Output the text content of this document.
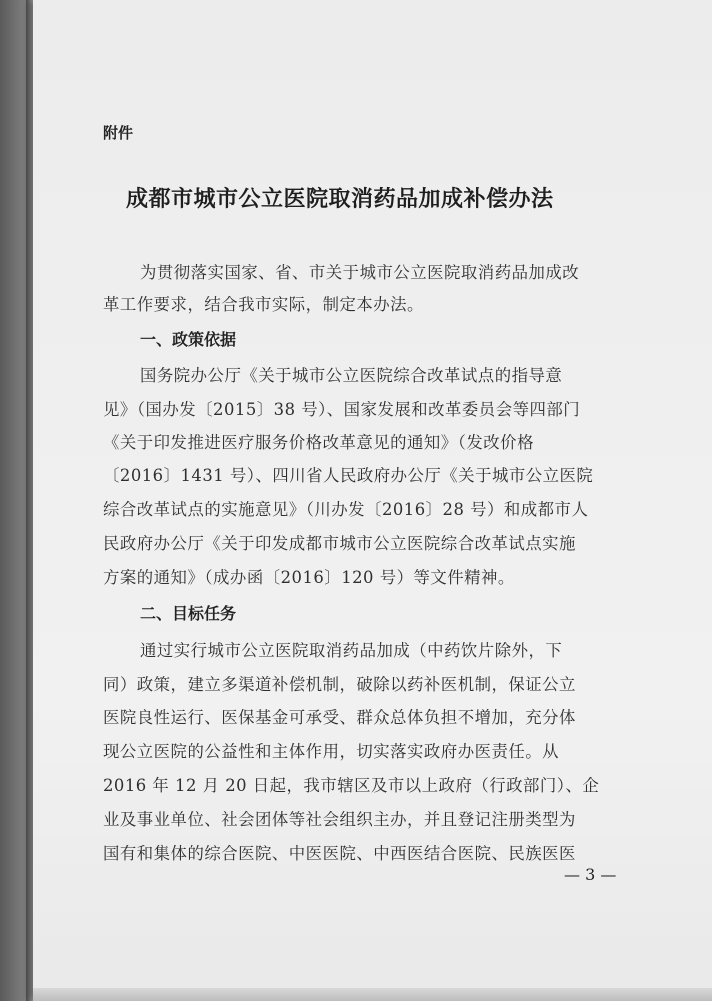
附件
成都市城市公立医院取消药品加成补偿办法
为贯彻落实国家、省、市关于城市公立医院取消药品加成改
革工作要求，结合我市实际，制定本办法。
一、政策依据
国务院办公厅《关于城市公立医院综合改革试点的指导意
见》（国办发〔2015〕38 号）、国家发展和改革委员会等四部门
《关于印发推进医疗服务价格改革意见的通知》（发改价格
〔2016〕1431 号）、四川省人民政府办公厅《关于城市公立医院
综合改革试点的实施意见》（川办发〔2016〕28 号）和成都市人
民政府办公厅《关于印发成都市城市公立医院综合改革试点实施
方案的通知》（成办函〔2016〕120 号）等文件精神。
二、目标任务
通过实行城市公立医院取消药品加成（中药饮片除外，下
同）政策，建立多渠道补偿机制，破除以药补医机制，保证公立
医院良性运行、医保基金可承受、群众总体负担不增加，充分体
现公立医院的公益性和主体作用，切实落实政府办医责任。从
2016 年 12 月 20 日起，我市辖区及市以上政府（行政部门）、企
业及事业单位、社会团体等社会组织主办，并且登记注册类型为
国有和集体的综合医院、中医医院、中西医结合医院、民族医医
— 3 —
